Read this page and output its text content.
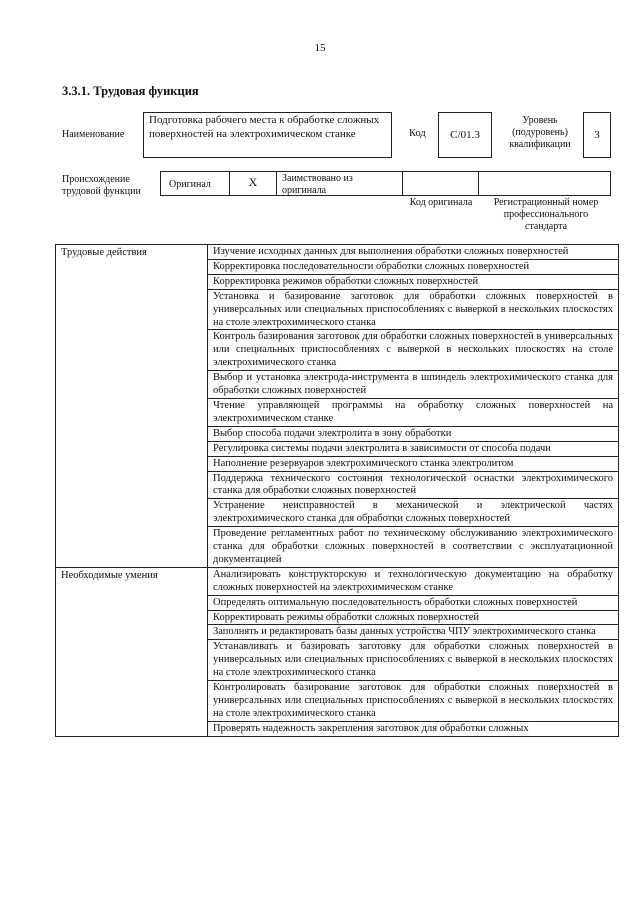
15
3.3.1. Трудовая функция
Наименование
Подготовка рабочего места к обработке сложных поверхностей на электрохимическом станке	Код C/01.3
Уровень (подуровень) квалификации
3
Происхождение трудовой функции
Оригинал	X	Заимствовано из оригинала
Код оригинала	Регистрационный номер профессионального стандарта
Трудовые действия	Изучение исходных данных для выполнения обработки сложных поверхностей
	Корректировка последовательности обработки сложных поверхностей
	Корректировка режимов обработки сложных поверхностей
	Установка и базирование заготовок для обработки сложных поверхностей в универсальных или специальных приспособлениях с выверкой в нескольких плоскостях на столе электрохимического станка
	Контроль базирования заготовок для обработки сложных поверхностей в универсальных или специальных приспособлениях с выверкой в нескольких плоскостях на столе электрохимического станка
	Выбор и установка электрода-инструмента в шпиндель электрохимического станка для обработки сложных поверхностей
	Чтение управляющей программы на обработку сложных поверхностей на электрохимическом станке
	Выбор способа подачи электролита в зону обработки
	Регулировка системы подачи электролита в зависимости от способа подачи
	Наполнение резервуаров электрохимического станка электролитом
	Поддержка технического состояния технологической оснастки электрохимического станка для обработки сложных поверхностей
	Устранение неисправностей в механической и электрической частях электрохимического станка для обработки сложных поверхностей
	Проведение регламентных работ по техническому обслуживанию электрохимического станка для обработки сложных поверхностей в соответствии с эксплуатационной документацией
Необходимые умения	Анализировать конструкторскую и технологическую документацию на обработку сложных поверхностей на электрохимическом станке
	Определять оптимальную последовательность обработки сложных поверхностей
	Корректировать режимы обработки сложных поверхностей
	Заполнять и редактировать базы данных устройства ЧПУ электрохимического станка
	Устанавливать и базировать заготовку для обработки сложных поверхностей в универсальных или специальных приспособлениях с выверкой в нескольких плоскостях на столе электрохимического станка
	Контролировать базирование заготовок для обработки сложных поверхностей в универсальных или специальных приспособлениях с выверкой в нескольких плоскостях на столе электрохимического станка
	Проверять надежность закрепления заготовок для обработки сложных
